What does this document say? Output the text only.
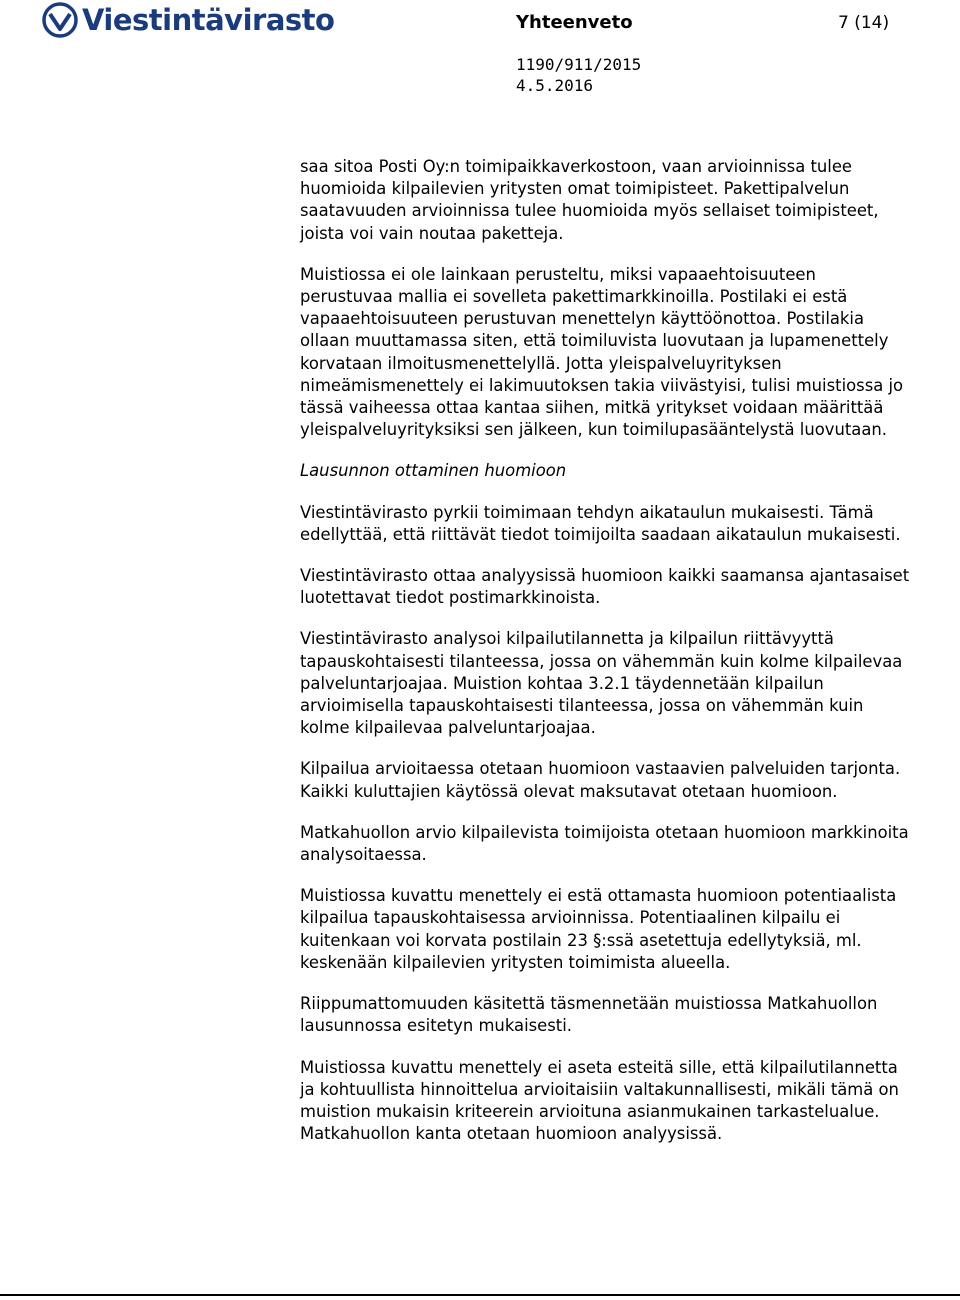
Viestintävirasto	Yhteenveto	7 (14)
1190/911/2015
4.5.2016

saa sitoa Posti Oy:n toimipaikkaverkostoon, vaan arvioinnissa tulee huomioida kilpailevien yritysten omat toimipisteet. Pakettipalvelun saatavuuden arvioinnissa tulee huomioida myös sellaiset toimipisteet, joista voi vain noutaa paketteja.

Muistiossa ei ole lainkaan perusteltu, miksi vapaaehtoisuuteen perustuvaa mallia ei sovelleta pakettimarkkinoilla. Postilaki ei estä vapaaehtoisuuteen perustuvan menettelyn käyttöönottoa. Postilakia ollaan muuttamassa siten, että toimiluvista luovutaan ja lupamenettely korvataan ilmoitusmenettelyllä. Jotta yleispalveluyrityksen nimeämismenettely ei lakimuutoksen takia viivästyisi, tulisi muistiossa jo tässä vaiheessa ottaa kantaa siihen, mitkä yritykset voidaan määrittää yleispalveluyrityksiksi sen jälkeen, kun toimilupasääntelystä luovutaan.

Lausunnon ottaminen huomioon

Viestintävirasto pyrkii toimimaan tehdyn aikataulun mukaisesti. Tämä edellyttää, että riittävät tiedot toimijoilta saadaan aikataulun mukaisesti.

Viestintävirasto ottaa analyysissä huomioon kaikki saamansa ajantasaiset luotettavat tiedot postimarkkinoista.

Viestintävirasto analysoi kilpailutilannetta ja kilpailun riittävyyttä tapauskohtaisesti tilanteessa, jossa on vähemmän kuin kolme kilpailevaa palveluntarjoajaa. Muistion kohtaa 3.2.1 täydennetään kilpailun arvioimisella tapauskohtaisesti tilanteessa, jossa on vähemmän kuin kolme kilpailevaa palveluntarjoajaa.

Kilpailua arvioitaessa otetaan huomioon vastaavien palveluiden tarjonta. Kaikki kuluttajien käytössä olevat maksutavat otetaan huomioon.

Matkahuollon arvio kilpailevista toimijoista otetaan huomioon markkinoita analysoitaessa.

Muistiossa kuvattu menettely ei estä ottamasta huomioon potentiaalista kilpailua tapauskohtaisessa arvioinnissa. Potentiaalinen kilpailu ei kuitenkaan voi korvata postilain 23 §:ssä asetettuja edellytyksiä, ml. keskenään kilpailevien yritysten toimimista alueella.

Riippumattomuuden käsitettä täsmennetään muistiossa Matkahuollon lausunnossa esitetyn mukaisesti.

Muistiossa kuvattu menettely ei aseta esteitä sille, että kilpailutilannetta ja kohtuullista hinnoittelua arvioitaisiin valtakunnallisesti, mikäli tämä on muistion mukaisin kriteerein arvioituna asianmukainen tarkastelualue. Matkahuollon kanta otetaan huomioon analyysissä.
